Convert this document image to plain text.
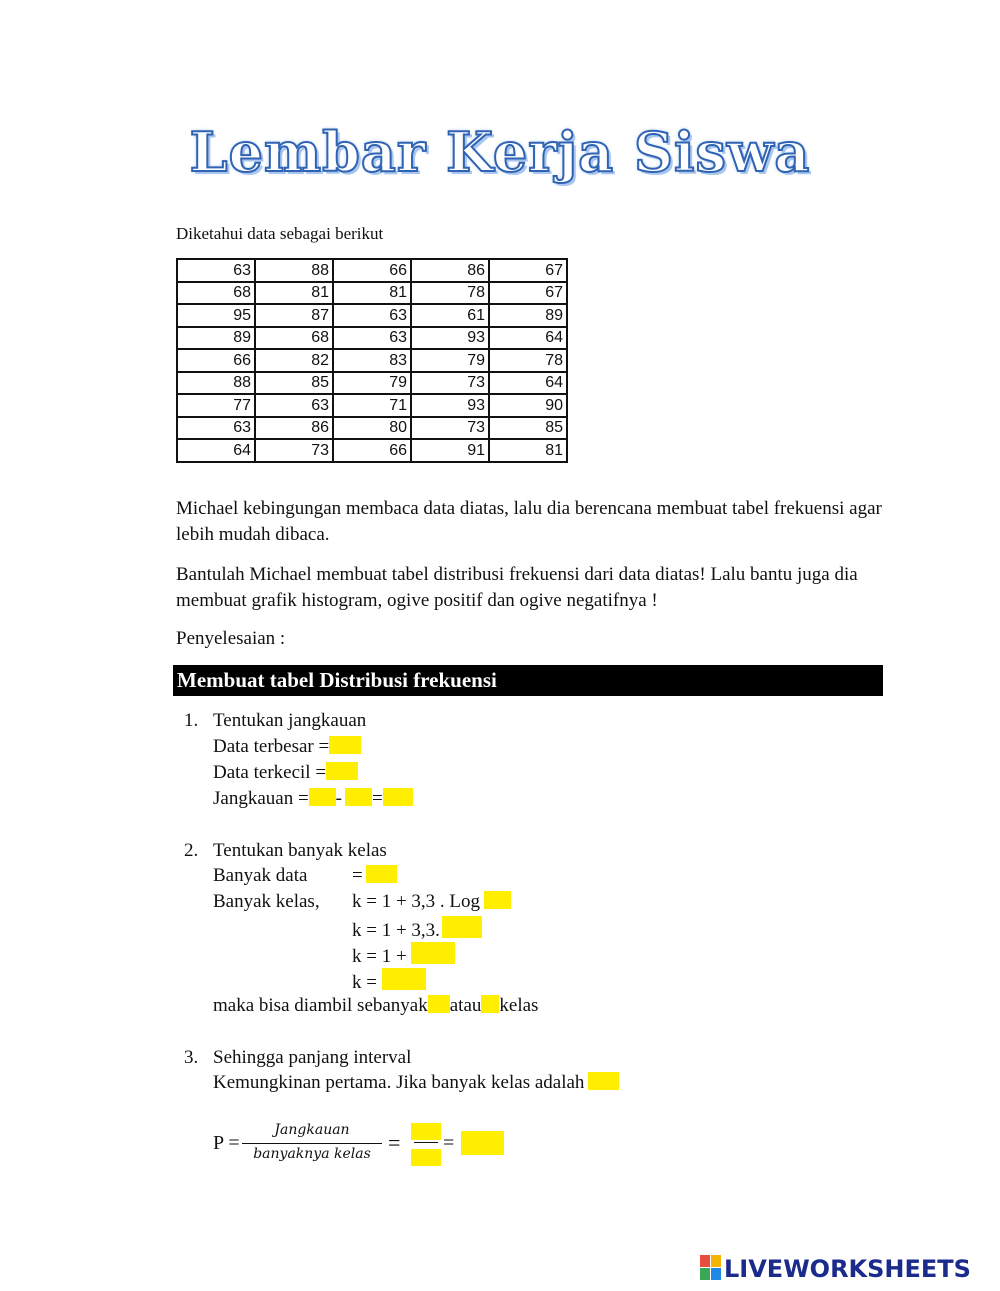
Lembar Kerja Siswa
Diketahui data sebagai berikut
63	88	66	86	67
68	81	81	78	67
95	87	63	61	89
89	68	63	93	64
66	82	83	79	78
88	85	79	73	64
77	63	71	93	90
63	86	80	73	85
64	73	66	91	81
Michael kebingungan membaca data diatas, lalu dia berencana membuat tabel frekuensi agar lebih mudah dibaca.
Bantulah Michael membuat tabel distribusi frekuensi dari data diatas! Lalu bantu juga dia membuat grafik histogram, ogive positif dan ogive negatifnya !
Penyelesaian :
Membuat tabel Distribusi frekuensi
1. Tentukan jangkauan
Data terbesar =
Data terkecil =
Jangkauan = - =
2. Tentukan banyak kelas
Banyak data =
Banyak kelas, k = 1 + 3,3 . Log
k = 1 + 3,3.
k = 1 +
k =
maka bisa diambil sebanyak atau kelas
3. Sehingga panjang interval
Kemungkinan pertama. Jika banyak kelas adalah
P =
Jangkauan
banyaknya kelas = =
LIVEWORKSHEETS
